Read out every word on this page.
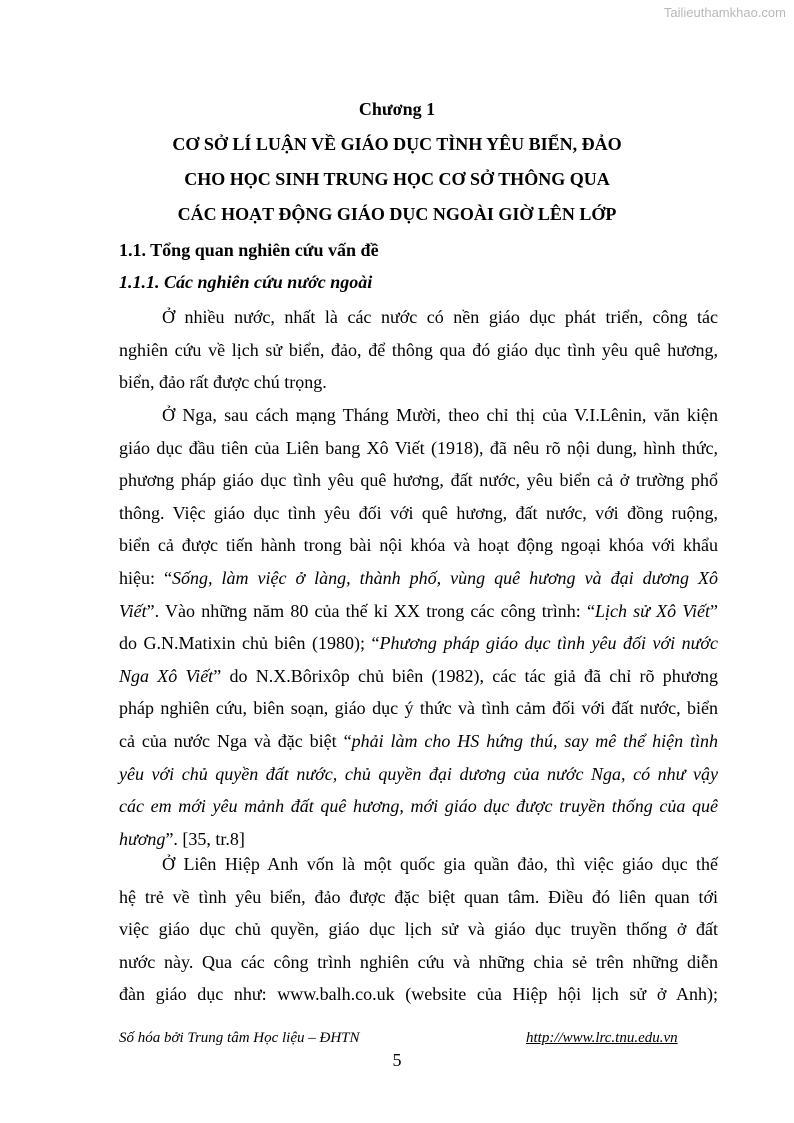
Tailieuthamkhao.com
Chương 1
CƠ SỞ LÍ LUẬN VỀ GIÁO DỤC TÌNH YÊU BIỂN, ĐẢO
CHO HỌC SINH TRUNG HỌC CƠ SỞ THÔNG QUA
CÁC HOẠT ĐỘNG GIÁO DỤC NGOÀI GIỜ LÊN LỚP
1.1. Tổng quan nghiên cứu vấn đề
1.1.1. Các nghiên cứu nước ngoài
Ở nhiều nước, nhất là các nước có nền giáo dục phát triển, công tác
nghiên cứu về lịch sử biển, đảo, để thông qua đó giáo dục tình yêu quê hương,
biển, đảo rất được chú trọng.
Ở Nga, sau cách mạng Tháng Mười, theo chỉ thị của V.I.Lênin, văn kiện
giáo dục đầu tiên của Liên bang Xô Viết (1918), đã nêu rõ nội dung, hình thức,
phương pháp giáo dục tình yêu quê hương, đất nước, yêu biển cả ở trường phổ
thông. Việc giáo dục tình yêu đối với quê hương, đất nước, với đồng ruộng,
biển cả được tiến hành trong bài nội khóa và hoạt động ngoại khóa với khẩu
hiệu: “Sống, làm việc ở làng, thành phố, vùng quê hương và đại dương Xô
Viết”. Vào những năm 80 của thế kỉ XX trong các công trình: “Lịch sử Xô Viết”
do G.N.Matixin chủ biên (1980); “Phương pháp giáo dục tình yêu đối với nước
Nga Xô Viết” do N.X.Bôrixôp chủ biên (1982), các tác giả đã chỉ rõ phương
pháp nghiên cứu, biên soạn, giáo dục ý thức và tình cảm đối với đất nước, biển
cả của nước Nga và đặc biệt “phải làm cho HS hứng thú, say mê thể hiện tình
yêu với chủ quyền đất nước, chủ quyền đại dương của nước Nga, có như vậy
các em mới yêu mảnh đất quê hương, mới giáo dục được truyền thống của quê
hương”. [35, tr.8]
Ở Liên Hiệp Anh vốn là một quốc gia quần đảo, thì việc giáo dục thế
hệ trẻ về tình yêu biển, đảo được đặc biệt quan tâm. Điều đó liên quan tới
việc giáo dục chủ quyền, giáo dục lịch sử và giáo dục truyền thống ở đất
nước này. Qua các công trình nghiên cứu và những chia sẻ trên những diễn
đàn giáo dục như: www.balh.co.uk (website của Hiệp hội lịch sử ở Anh);
Số hóa bởi Trung tâm Học liệu – ĐHTN	http://www.lrc.tnu.edu.vn
5
